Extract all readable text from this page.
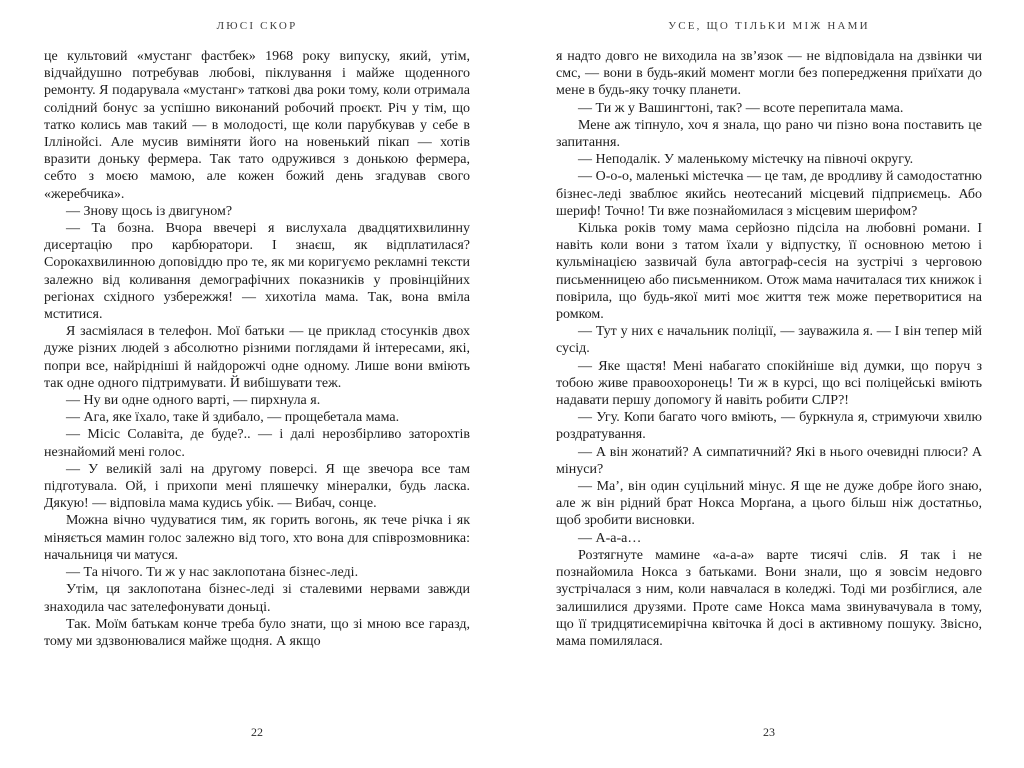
ЛЮСІ СКОР

це культовий «мустанг фастбек» 1968 року випуску, який, утім, відчайдушно потребував любові, піклування і майже щоденного ремонту. Я подарувала «мустанг» таткові два роки тому, коли отримала солідний бонус за успішно виконаний робочий проєкт. Річ у тім, що татко колись мав такий — в молодості, ще коли парубкував у себе в Іллінойсі. Але мусив виміняти його на новенький пікап — хотів вразити доньку фермера. Так тато одружився з донькою фермера, себто з моєю мамою, але кожен божий день згадував свого «жеребчика».

— Знову щось із двигуном?

— Та бозна. Вчора ввечері я вислухала двадцятихвилинну дисертацію про карбюратори. І знаєш, як відплатилася? Сорокахвилинною доповіддю про те, як ми коригуємо рекламні тексти залежно від коливання демографічних показників у провінційних регіонах східного узбережжя! — хихотіла мама. Так, вона вміла мститися.

Я засміялася в телефон. Мої батьки — це приклад стосунків двох дуже різних людей з абсолютно різними поглядами й інтересами, які, попри все, найрідніші й найдорожчі одне одному. Лише вони вміють так одне одного підтримувати. Й вибішувати теж.

— Ну ви одне одного варті, — пирхнула я.

— Ага, яке їхало, таке й здибало, — прощебетала мама.

— Місіс Солавіта, де буде?.. — і далі нерозбірливо заторохтів незнайомий мені голос.

— У великій залі на другому поверсі. Я ще звечора все там підготувала. Ой, і прихопи мені пляшечку мінералки, будь ласка. Дякую! — відповіла мама кудись убік. — Вибач, сонце.

Можна вічно чудуватися тим, як горить вогонь, як тече річка і як міняється мамин голос залежно від того, хто вона для співрозмовника: начальниця чи матуся.

— Та нічого. Ти ж у нас заклопотана бізнес-леді.

Утім, ця заклопотана бізнес-леді зі сталевими нервами завжди знаходила час зателефонувати доньці.

Так. Моїм батькам конче треба було знати, що зі мною все гаразд, тому ми здзвонювалися майже щодня. А якщо

22
УСЕ, ЩО ТІЛЬКИ МІЖ НАМИ

я надто довго не виходила на зв’язок — не відповідала на дзвінки чи смс, — вони в будь-який момент могли без попередження приїхати до мене в будь-яку точку планети.

— Ти ж у Вашингтоні, так? — всоте перепитала мама.

Мене аж тіпнуло, хоч я знала, що рано чи пізно вона поставить це запитання.

— Неподалік. У маленькому містечку на півночі округу.

— О-о-о, маленькі містечка — це там, де вродливу й самодостатню бізнес-леді зваблює якийсь неотесаний місцевий підприємець. Або шериф! Точно! Ти вже познайомилася з місцевим шерифом?

Кілька років тому мама серйозно підсіла на любовні романи. І навіть коли вони з татом їхали у відпустку, її основною метою і кульмінацією зазвичай була автограф-сесія на зустрічі з черговою письменницею або письменником. Отож мама начиталася тих книжок і повірила, що будь-якої миті моє життя теж може перетворитися на ромком.

— Тут у них є начальник поліції, — зауважила я. — І він тепер мій сусід.

— Яке щастя! Мені набагато спокійніше від думки, що поруч з тобою живе правоохоронець! Ти ж в курсі, що всі поліцейські вміють надавати першу допомогу й навіть робити СЛР?!

— Угу. Копи багато чого вміють, — буркнула я, стримуючи хвилю роздратування.

— А він жонатий? А симпатичний? Які в нього очевидні плюси? А мінуси?

— Ма’, він один суцільний мінус. Я ще не дуже добре його знаю, але ж він рідний брат Нокса Морґана, а цього більш ніж достатньо, щоб зробити висновки.

— А-а-а…

Розтягнуте мамине «а-а-а» варте тисячі слів. Я так і не познайомила Нокса з батьками. Вони знали, що я зовсім недовго зустрічалася з ним, коли навчалася в коледжі. Тоді ми розбіглися, але залишилися друзями. Проте саме Нокса мама звинувачувала в тому, що її тридцятисемирічна квіточка й досі в активному пошуку. Звісно, мама помилялася.

23
